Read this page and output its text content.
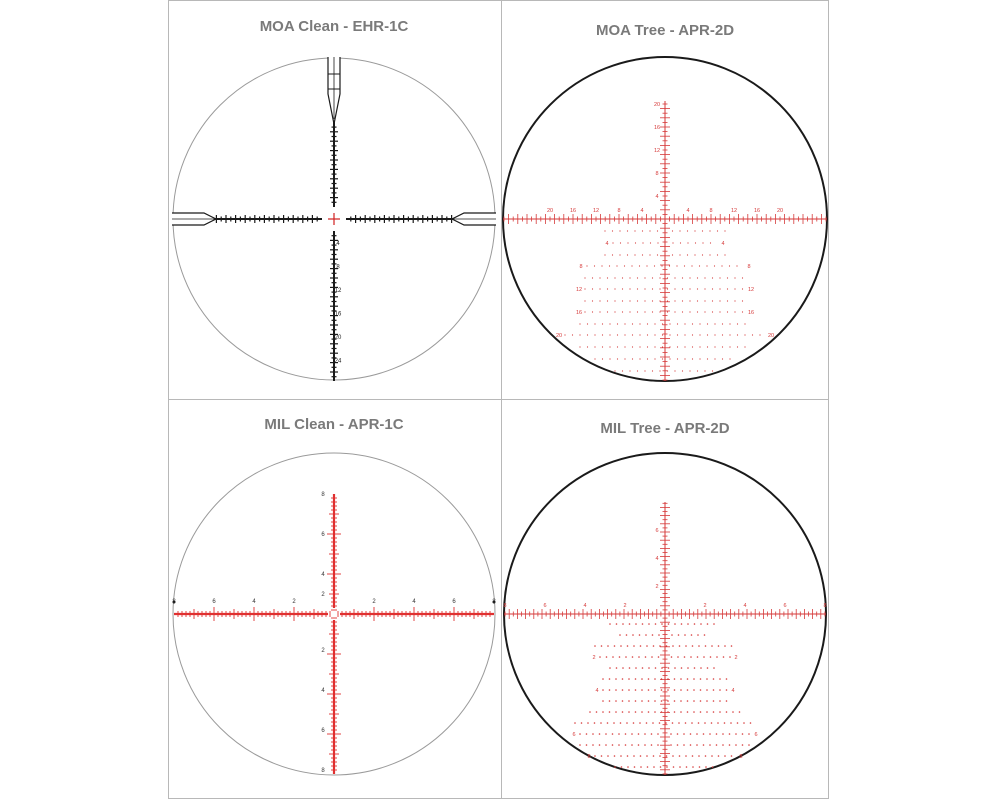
MOA Clean - EHR-1C	MOA Tree - APR-2D
MIL Clean - APR-1C	MIL Tree - APR-2D
4
8
12
16
20
24
20	16	12	8	4	4	8	12	16	20
20
16
12
8
4
4	4
8	8
12	12
16	16
20	20
8	6	4	2	2	4	6	8
8
6
4
2
2
4
6
8
8	6	4	2	2	4	6	8
6
4
2
2	2
4	4
6	6
8	8
